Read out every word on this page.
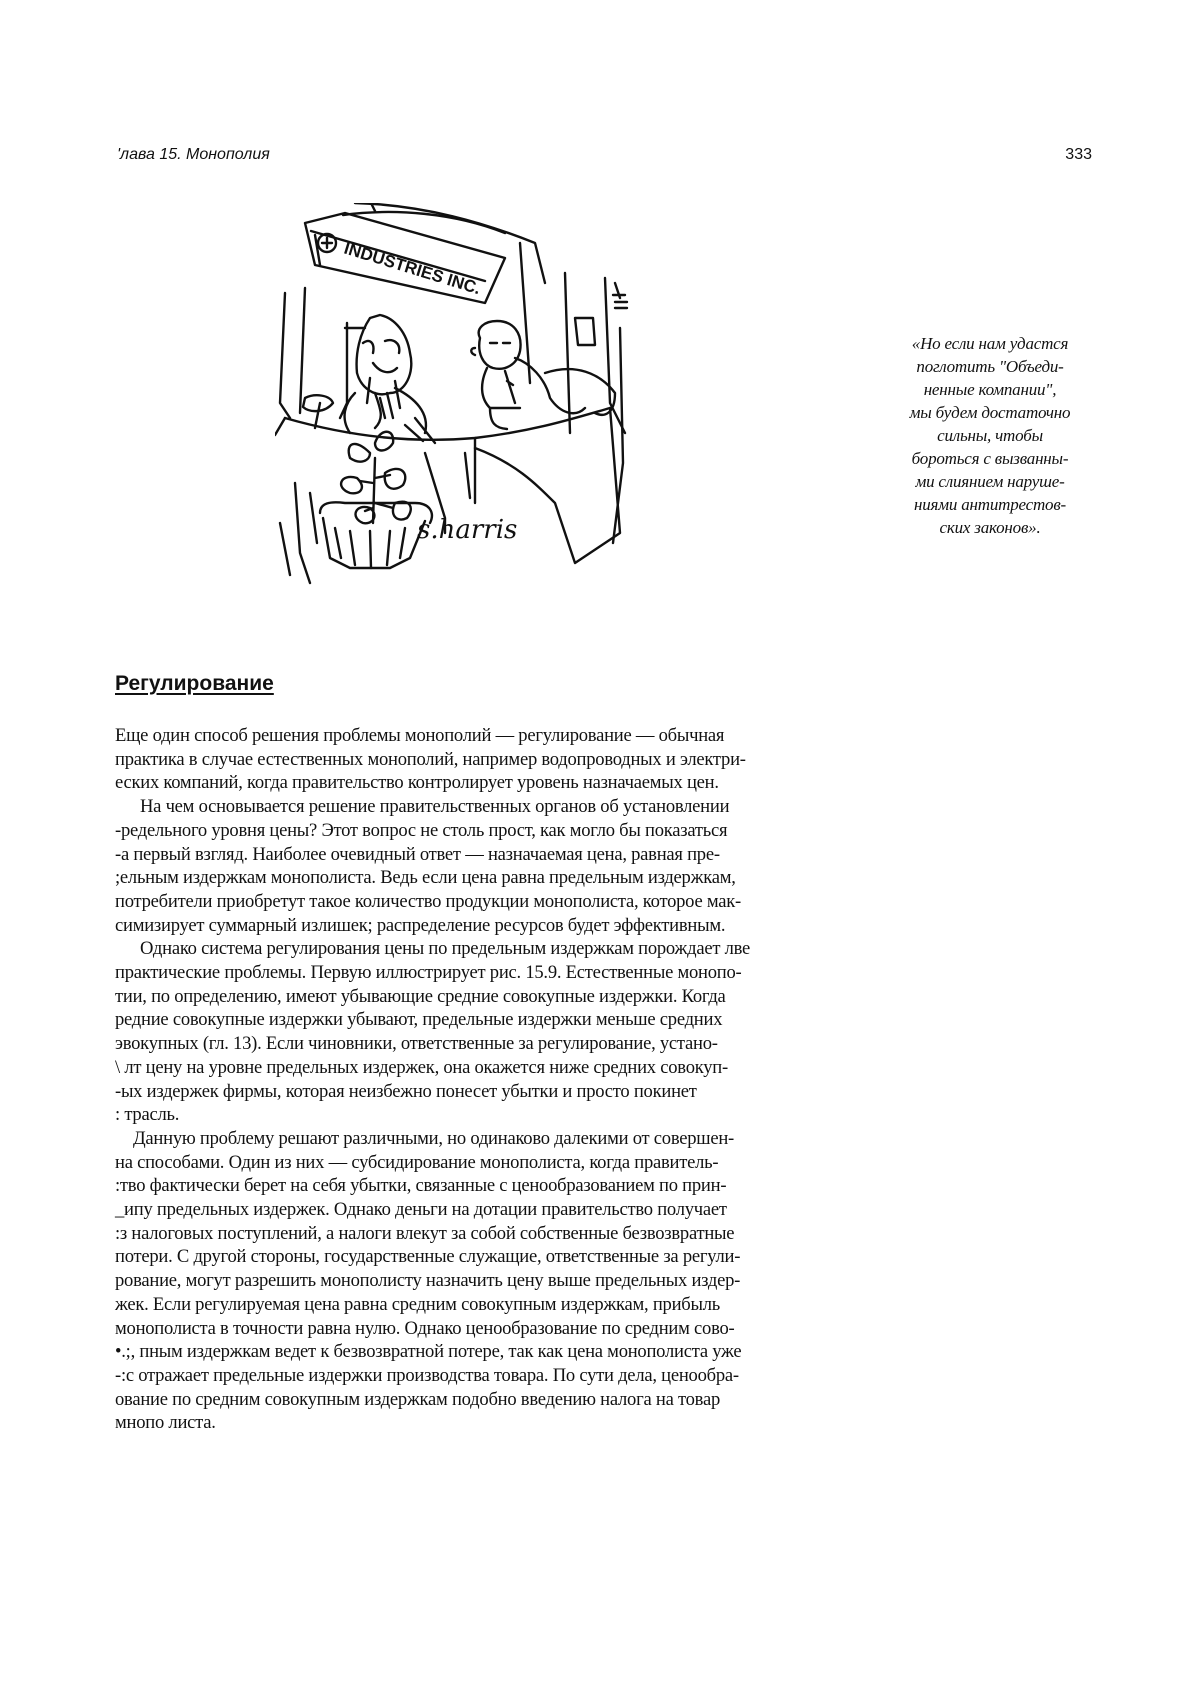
'лава 15. Монополия	333
INDUSTRIES INC.
s.harris
«Но если нам удастся
поглотить "Объеди-
ненные компании",
мы будем достаточно
сильны, чтобы
бороться с вызванны-
ми слиянием наруше-
ниями антитрестов-
ских законов».
Регулирование
Еще один способ решения проблемы монополий — регулирование — обычная
практика в случае естественных монополий, например водопроводных и электри-
еских компаний, когда правительство контролирует уровень назначаемых цен.
На чем основывается решение правительственных органов об установлении
-редельного уровня цены? Этот вопрос не столь прост, как могло бы показаться
-а первый взгляд. Наиболее очевидный ответ — назначаемая цена, равная пре-
;ельным издержкам монополиста. Ведь если цена равна предельным издержкам,
потребители приобретут такое количество продукции монополиста, которое мак-
симизирует суммарный излишек; распределение ресурсов будет эффективным.
Однако система регулирования цены по предельным издержкам порождает лве
практические проблемы. Первую иллюстрирует рис. 15.9. Естественные монопо-
тии, по определению, имеют убывающие средние совокупные издержки. Когда
редние совокупные издержки убывают, предельные издержки меньше средних
эвокупных (гл. 13). Если чиновники, ответственные за регулирование, устано-
\ лт цену на уровне предельных издержек, она окажется ниже средних совокуп-
-ых издержек фирмы, которая неизбежно понесет убытки и просто покинет
: трасль.
Данную проблему решают различными, но одинаково далекими от совершен-
на способами. Один из них — субсидирование монополиста, когда правитель-
:тво фактически берет на себя убытки, связанные с ценообразованием по прин-
_ипу предельных издержек. Однако деньги на дотации правительство получает
:з налоговых поступлений, а налоги влекут за собой собственные безвозвратные
потери. С другой стороны, государственные служащие, ответственные за регули-
рование, могут разрешить монополисту назначить цену выше предельных издер-
жек. Если регулируемая цена равна средним совокупным издержкам, прибыль
монополиста в точности равна нулю. Однако ценообразование по средним сово-
•.;, пным издержкам ведет к безвозвратной потере, так как цена монополиста уже
-:с отражает предельные издержки производства товара. По сути дела, ценообра-
ование по средним совокупным издержкам подобно введению налога на товар
мнопо листа.
